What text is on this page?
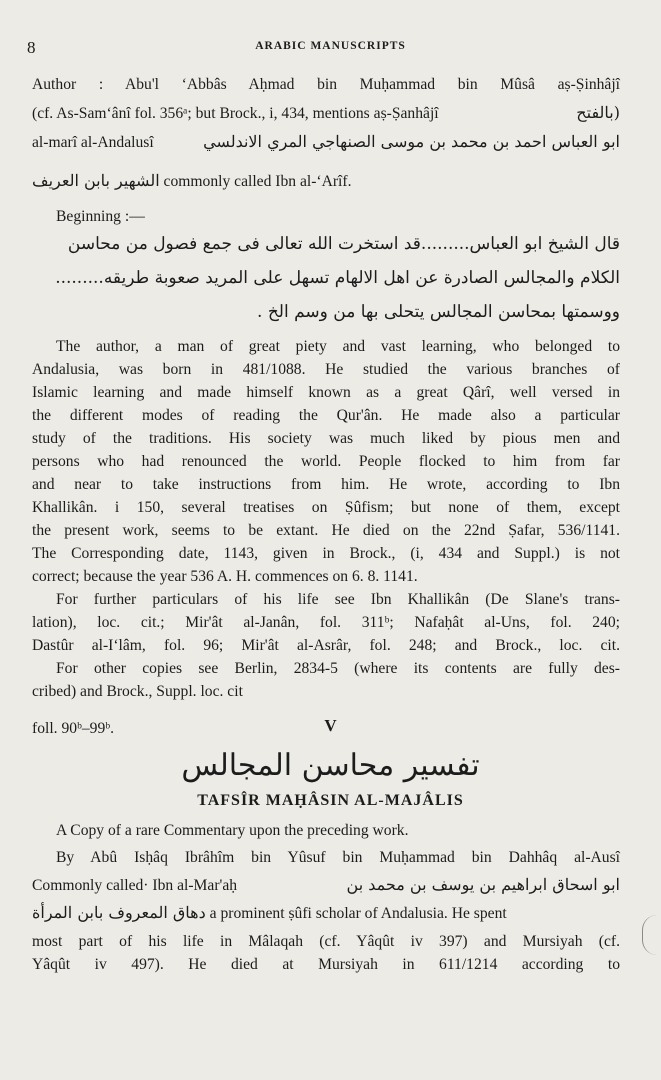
8	ARABIC MANUSCRIPTS
Author : Abu'l ‘Abbâs Aḥmad bin Muḥammad bin Mûsâ aṣ-Ṣinhâjî
(cf. As-Sam‘ânî fol. 356ᵃ; but Brock., i, 434, mentions aṣ-Ṣanhâjî	(بالفتح
al-marî al-Andalusî	ابو العباس احمد بن محمد بن موسى الصنهاجي المري الاندلسي
الشهير بابن العريف commonly called Ibn al-‘Arîf.
Beginning :—
قال الشيخ ابو العباس.........قد استخرت الله تعالى فى جمع فصول من محاسن
الكلام والمجالس الصادرة عن اهل الالهام تسهل على المريد صعوبة طريقه.........
ووسمتها بمحاسن المجالس يتحلى بها من وسم الخ .
The author, a man of great piety and vast learning, who belonged to
Andalusia, was born in 481/1088. He studied the various branches of
Islamic learning and made himself known as a great Qârî, well versed in
the different modes of reading the Qur'ân. He made also a particular
study of the traditions. His society was much liked by pious men and
persons who had renounced the world. People flocked to him from far
and near to take instructions from him. He wrote, according to Ibn
Khallikân. i 150, several treatises on Ṣûfism; but none of them, except
the present work, seems to be extant. He died on the 22nd Ṣafar, 536/1141.
The Corresponding date, 1143, given in Brock., (i, 434 and Suppl.) is not
correct; because the year 536 A. H. commences on 6. 8. 1141.
For further particulars of his life see Ibn Khallikân (De Slane's trans-
lation), loc. cit.; Mir'ât al-Janân, fol. 311ᵇ; Nafaḥât al-Uns, fol. 240;
Dastûr al-I‘lâm, fol. 96; Mir'ât al-Asrâr, fol. 248; and Brock., loc. cit.
For other copies see Berlin, 2834-5 (where its contents are fully des-
cribed) and Brock., Suppl. loc. cit
foll. 90ᵇ–99ᵇ.	V
تفسير محاسن المجالس
TAFSÎR MAḤÂSIN AL-MAJÂLIS
A Copy of a rare Commentary upon the preceding work.
By Abû Isḥâq Ibrâhîm bin Yûsuf bin Muḥammad bin Dahhâq al-Ausî
Commonly called· Ibn al-Mar'aḥ	ابو اسحاق ابراهيم بن يوسف بن محمد بن
دهاق المعروف بابن المرأة a prominent ṣûfi scholar of Andalusia. He spent
most part of his life in Mâlaqah (cf. Yâqût iv 397) and Mursiyah (cf.
Yâqût iv 497). He died at Mursiyah in 611/1214 according to
